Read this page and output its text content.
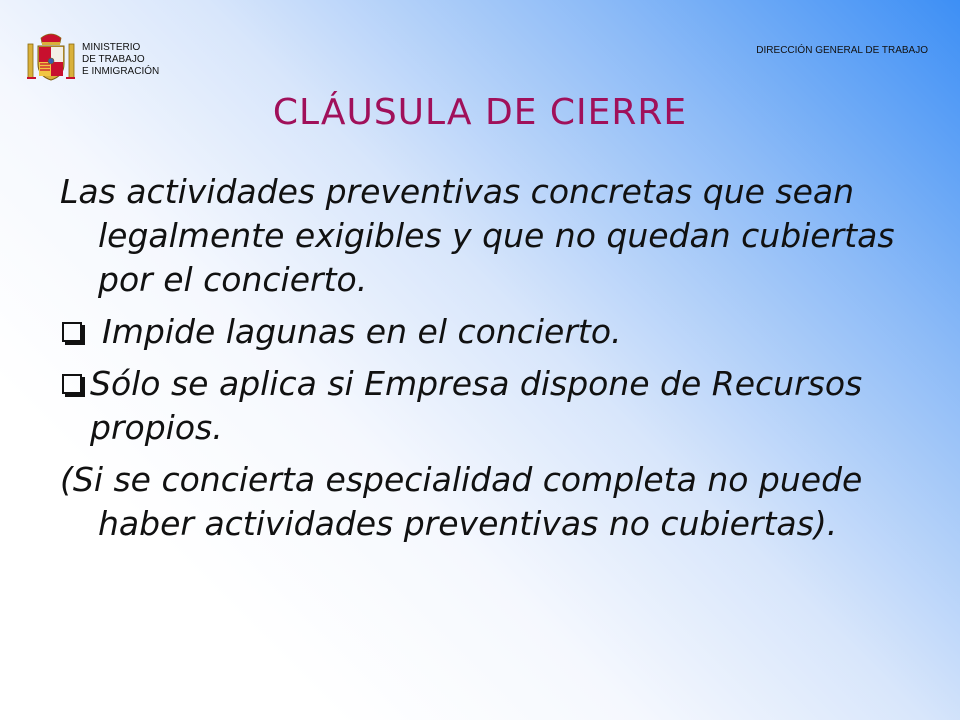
MINISTERIO
DE TRABAJO
E INMIGRACIÓN
DIRECCIÓN GENERAL DE TRABAJO
CLÁUSULA DE CIERRE

Las actividades preventivas concretas que sean legalmente exigibles y que no quedan cubiertas por el concierto.

Impide lagunas en el concierto.
Sólo se aplica si Empresa dispone de Recursos propios.

(Si se concierta especialidad completa no puede haber actividades preventivas no cubiertas).
